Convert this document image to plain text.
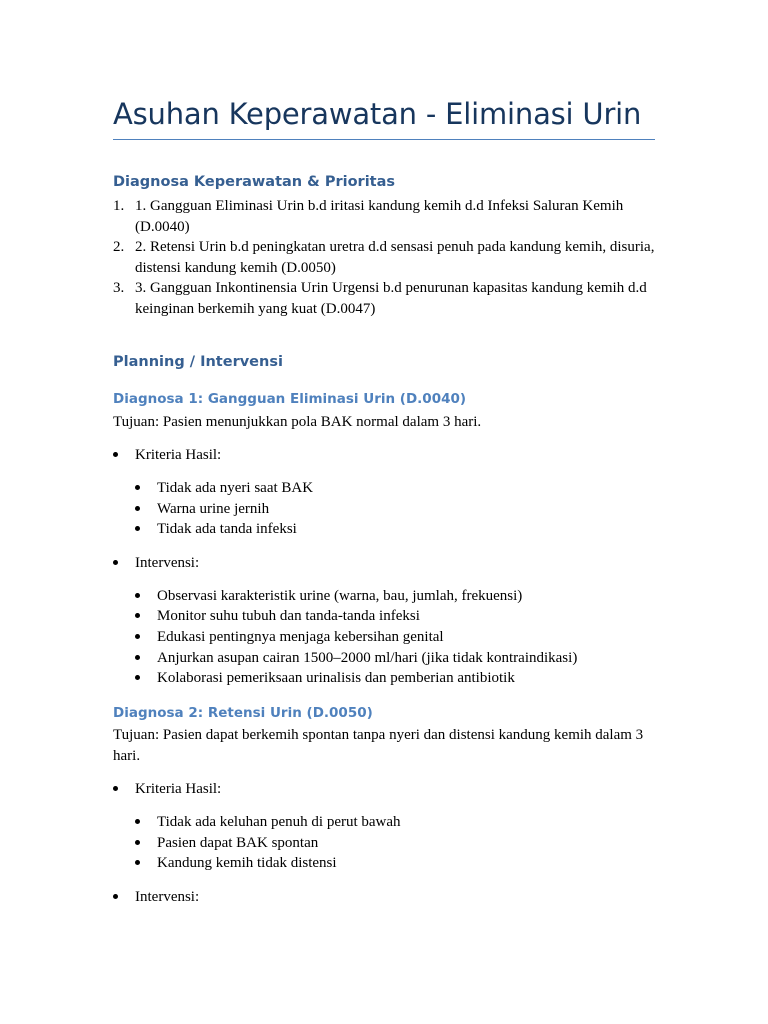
Asuhan Keperawatan - Eliminasi Urin
Diagnosa Keperawatan & Prioritas
1. 1. Gangguan Eliminasi Urin b.d iritasi kandung kemih d.d Infeksi Saluran Kemih (D.0040)
2. 2. Retensi Urin b.d peningkatan uretra d.d sensasi penuh pada kandung kemih, disuria, distensi kandung kemih (D.0050)
3. 3. Gangguan Inkontinensia Urin Urgensi b.d penurunan kapasitas kandung kemih d.d keinginan berkemih yang kuat (D.0047)
Planning / Intervensi
Diagnosa 1: Gangguan Eliminasi Urin (D.0040)

Tujuan: Pasien menunjukkan pola BAK normal dalam 3 hari.

Kriteria Hasil:
Tidak ada nyeri saat BAK
Warna urine jernih
Tidak ada tanda infeksi
Intervensi:
Observasi karakteristik urine (warna, bau, jumlah, frekuensi)
Monitor suhu tubuh dan tanda-tanda infeksi
Edukasi pentingnya menjaga kebersihan genital
Anjurkan asupan cairan 1500–2000 ml/hari (jika tidak kontraindikasi)
Kolaborasi pemeriksaan urinalisis dan pemberian antibiotik
Diagnosa 2: Retensi Urin (D.0050)

Tujuan: Pasien dapat berkemih spontan tanpa nyeri dan distensi kandung kemih dalam 3 hari.

Kriteria Hasil:
Tidak ada keluhan penuh di perut bawah
Pasien dapat BAK spontan
Kandung kemih tidak distensi
Intervensi:
